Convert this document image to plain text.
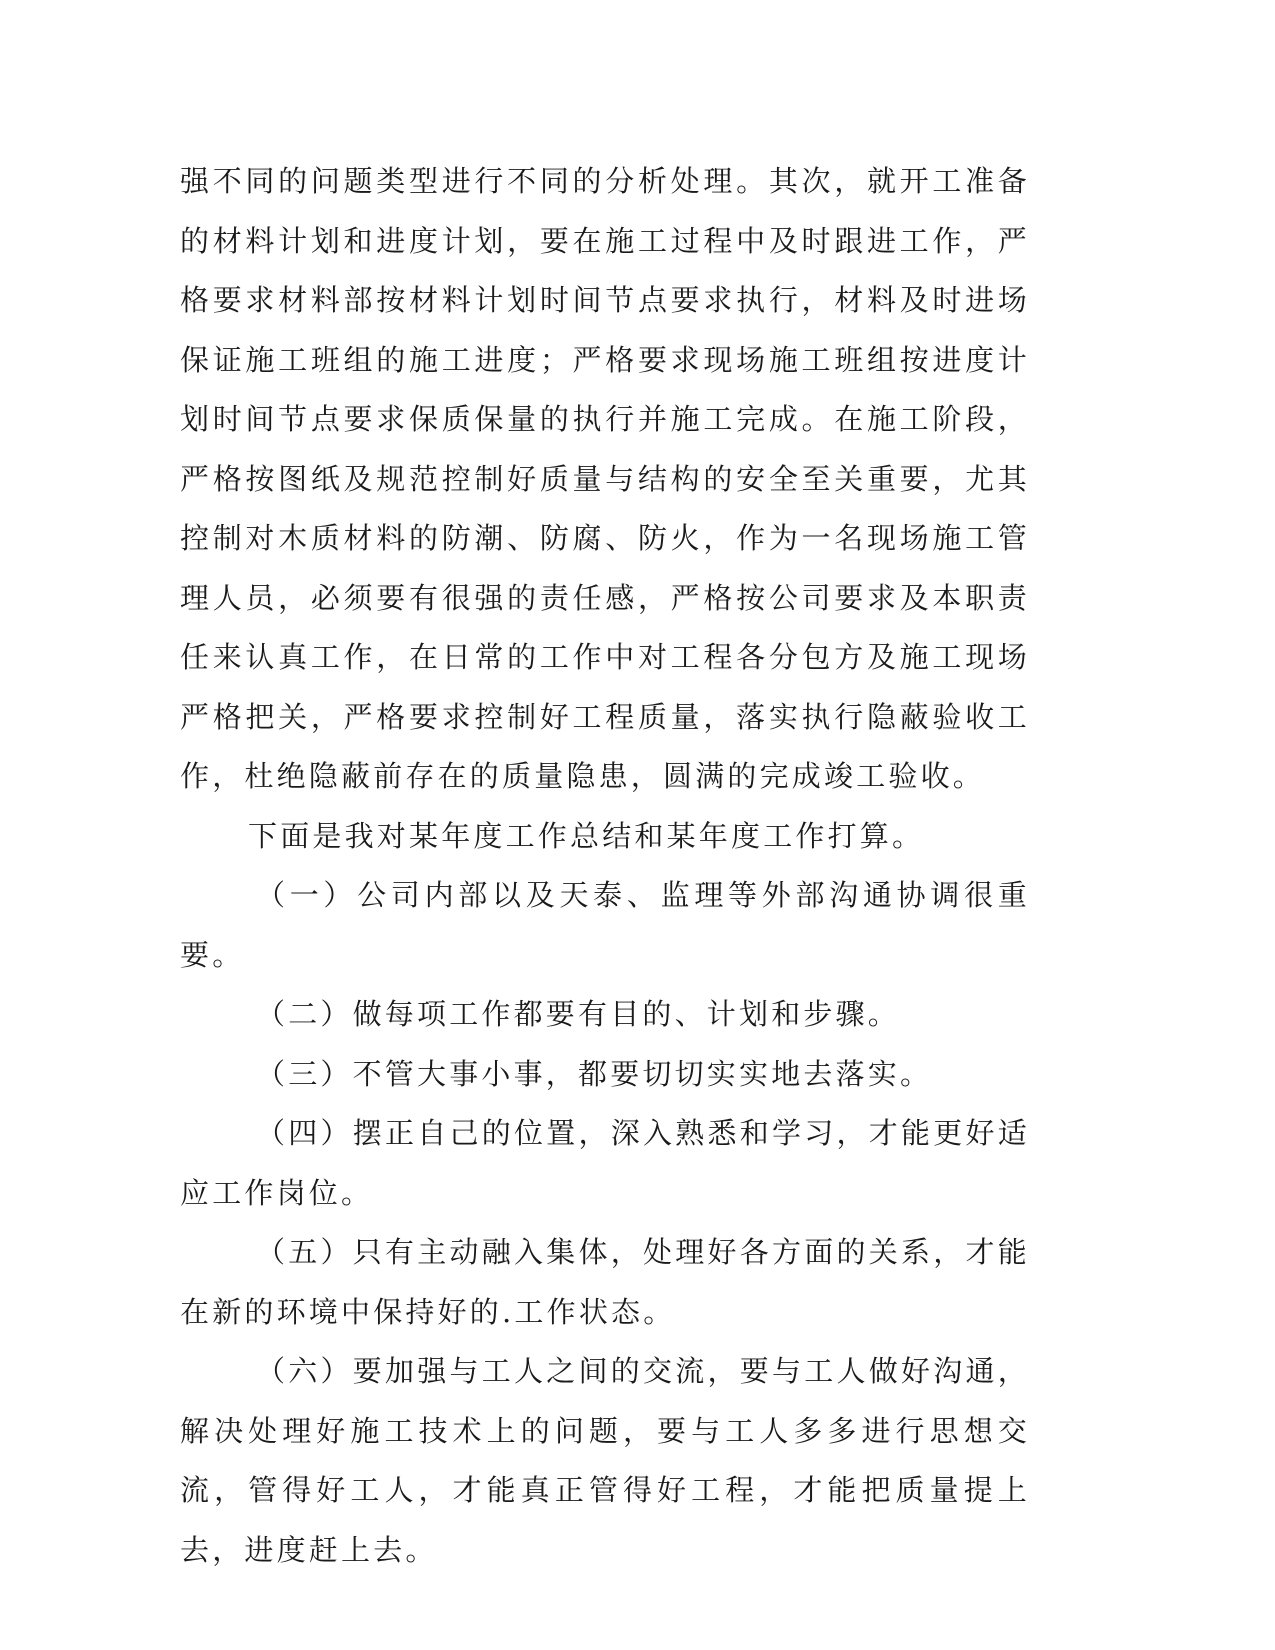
强不同的问题类型进行不同的分析处理。其次，就开工准备的材料计划和进度计划，要在施工过程中及时跟进工作，严格要求材料部按材料计划时间节点要求执行，材料及时进场保证施工班组的施工进度；严格要求现场施工班组按进度计划时间节点要求保质保量的执行并施工完成。在施工阶段，严格按图纸及规范控制好质量与结构的安全至关重要，尤其控制对木质材料的防潮、防腐、防火，作为一名现场施工管理人员，必须要有很强的责任感，严格按公司要求及本职责任来认真工作，在日常的工作中对工程各分包方及施工现场严格把关，严格要求控制好工程质量，落实执行隐蔽验收工作，杜绝隐蔽前存在的质量隐患，圆满的完成竣工验收。

下面是我对某年度工作总结和某年度工作打算。

（一）公司内部以及天泰、监理等外部沟通协调很重要。

（二）做每项工作都要有目的、计划和步骤。

（三）不管大事小事，都要切切实实地去落实。

（四）摆正自己的位置，深入熟悉和学习，才能更好适应工作岗位。

（五）只有主动融入集体，处理好各方面的关系，才能在新的环境中保持好的.工作状态。

（六）要加强与工人之间的交流，要与工人做好沟通，解决处理好施工技术上的问题，要与工人多多进行思想交流，管得好工人，才能真正管得好工程，才能把质量提上去，进度赶上去。
